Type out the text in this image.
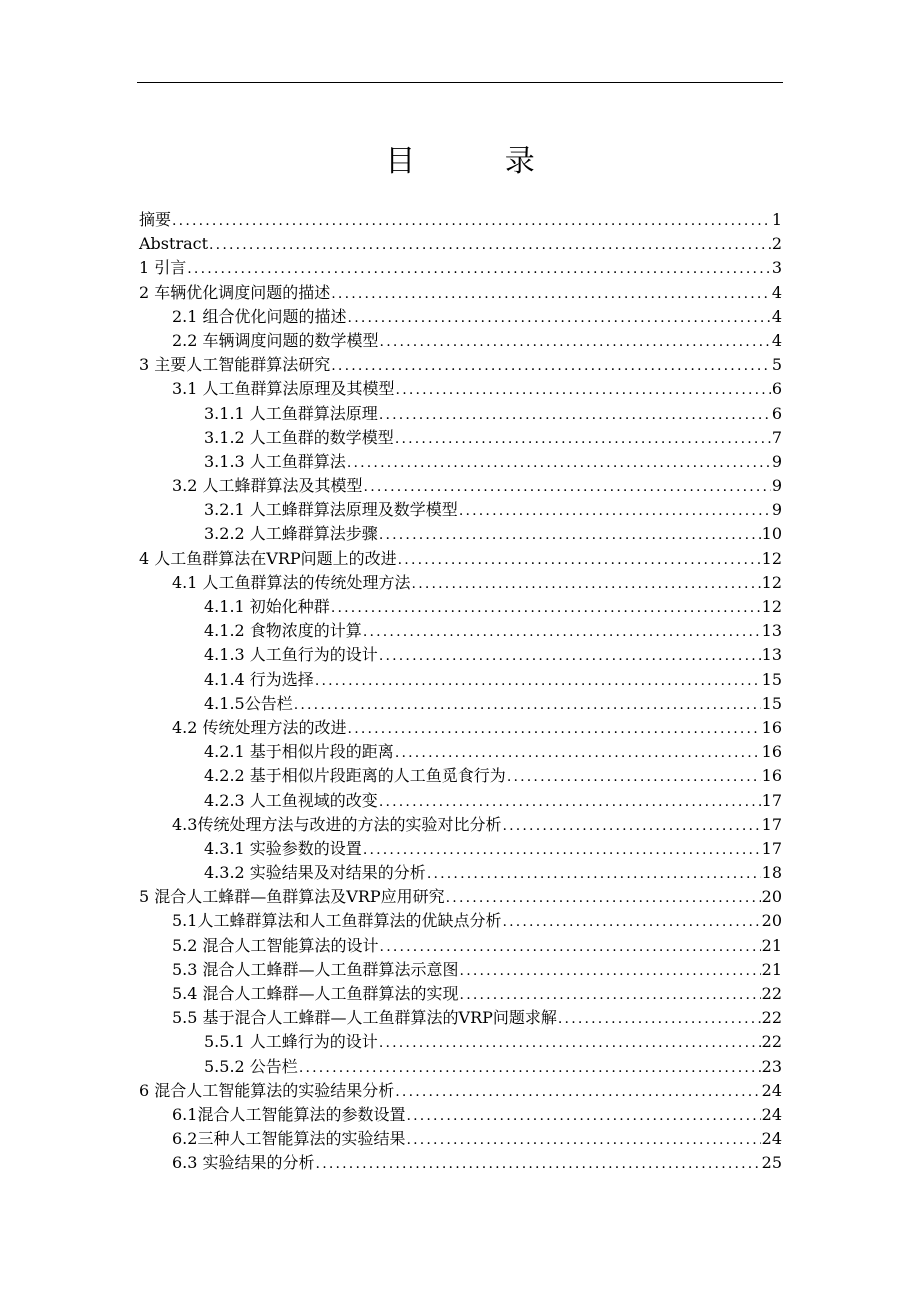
目 录
摘要 .....	1
Abstract .....	2
1 引言 .....	3
2 车辆优化调度问题的描述 .....	4
2.1 组合优化问题的描述 .....	4
2.2 车辆调度问题的数学模型 .....	4
3 主要人工智能群算法研究 .....	5
3.1 人工鱼群算法原理及其模型 .....	6
3.1.1 人工鱼群算法原理 .....	6
3.1.2 人工鱼群的数学模型 .....	7
3.1.3 人工鱼群算法 .....	9
3.2 人工蜂群算法及其模型 .....	9
3.2.1 人工蜂群算法原理及数学模型 .....	9
3.2.2 人工蜂群算法步骤 .....	10
4 人工鱼群算法在VRP问题上的改进 .....	12
4.1 人工鱼群算法的传统处理方法 .....	12
4.1.1 初始化种群 .....	12
4.1.2 食物浓度的计算 .....	13
4.1.3 人工鱼行为的设计 .....	13
4.1.4 行为选择 .....	15
4.1.5公告栏 .....	15
4.2 传统处理方法的改进 .....	16
4.2.1 基于相似片段的距离 .....	16
4.2.2 基于相似片段距离的人工鱼觅食行为 .....	16
4.2.3 人工鱼视域的改变 .....	17
4.3传统处理方法与改进的方法的实验对比分析 .....	17
4.3.1 实验参数的设置 .....	17
4.3.2 实验结果及对结果的分析 .....	18
5 混合人工蜂群—鱼群算法及VRP应用研究 .....	20
5.1人工蜂群算法和人工鱼群算法的优缺点分析 .....	20
5.2 混合人工智能算法的设计 .....	21
5.3 混合人工蜂群—人工鱼群算法示意图 .....	21
5.4 混合人工蜂群—人工鱼群算法的实现 .....	22
5.5 基于混合人工蜂群—人工鱼群算法的VRP问题求解 .....	22
5.5.1 人工蜂行为的设计 .....	22
5.5.2 公告栏 .....	23
6 混合人工智能算法的实验结果分析 .....	24
6.1混合人工智能算法的参数设置 .....	24
6.2三种人工智能算法的实验结果 .....	24
6.3 实验结果的分析 .....	25
